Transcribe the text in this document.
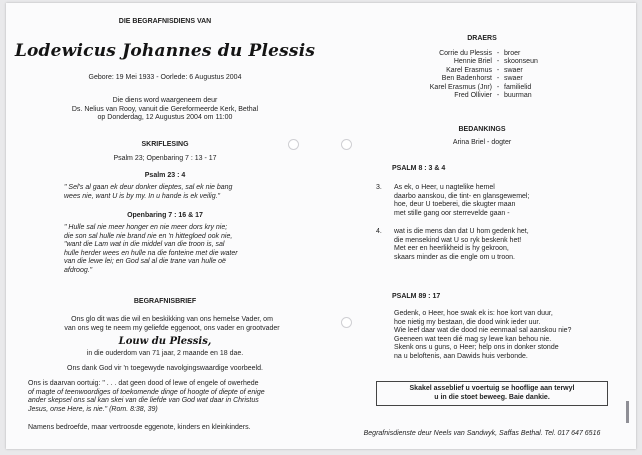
DIE BEGRAFNISDIENS VAN
Lodewicus Johannes du Plessis
Gebore: 19 Mei 1933 - Oorlede: 6 Augustus 2004
Die diens word waargeneem deur
Ds. Nelius van Rooy, vanuit die Gereformeerde Kerk, Bethal
op Donderdag, 12 Augustus 2004 om 11:00
SKRIFLESING
Psalm 23; Openbaring 7 : 13 - 17
Psalm 23 : 4
" Sel's al gaan ek deur donker dieptes, sal ek nie bang
wees nie, want U is by my. In u hande is ek veilig."
Openbaring 7 : 16 & 17
" Hulle sal nie meer honger en nie meer dors kry nie;
die son sal hulle nie brand nie en 'n hittegloed ook nie,
"want die Lam wat in die middel van die troon is, sal
hulle herder wees en hulle na die fonteine met die water
van die lewe lei; en God sal al die trane van hulle oë
afdroog."
BEGRAFNISBRIEF
Ons glo dit was die wil en beskikking van ons hemelse Vader, om
van ons weg te neem my geliefde eggenoot, ons vader en grootvader
Louw du Plessis,
in die ouderdom van 71 jaar, 2 maande en 18 dae.
Ons dank God vir 'n toegewyde navolgingswaardige voorbeeld.
Ons is daarvan oortuig: " . . . dat geen dood of lewe of engele of owerhede
of magte of teenwoordiges of toekomende dinge of hoogte of diepte of enige
ander skepsel ons sal kan skei van die liefde van God wat daar in Christus
Jesus, onse Here, is nie." (Rom. 8:38, 39)
Namens bedroefde, maar vertroosde eggenote, kinders en kleinkinders.
DRAERS
Corrie du Plessis - broer
Hennie Briel - skoonseun
Karel Erasmus - swaer
Ben Badenhorst - swaer
Karel Erasmus (Jnr) - familielid
Fred Ollivier - buurman
BEDANKINGS
Arina Briel - dogter
PSALM 8 : 3 & 4
3.	As ek, o Heer, u nagtelike hemel
daarbo aanskou, die tint- en glansgewemel;
hoe, deur U toeberei, die skugter maan
met stille gang oor sterrevelde gaan -
4.	wat is die mens dan dat U hom gedenk het,
die mensekind wat U so ryk beskenk het!
Met eer en heerlikheid is hy gekroon,
skaars minder as die engle om u troon.
PSALM 89 : 17
Gedenk, o Heer, hoe swak ek is: hoe kort van duur,
hoe nietig my bestaan, die dood wink ieder uur.
Wie leef daar wat die dood nie eenmaal sal aanskou nie?
Geeneen wat teen dié mag sy lewe kan behou nie.
Skenk ons u guns, o Heer; help ons in donker stonde
na u beloftenis, aan Dawids huis verbonde.
Skakel asseblief u voertuig se hooflige aan terwyl
u in die stoet beweeg. Baie dankie.
Begrafnisdienste deur Neels van Sandwyk, Saffas Bethal. Tel. 017 647 6516
